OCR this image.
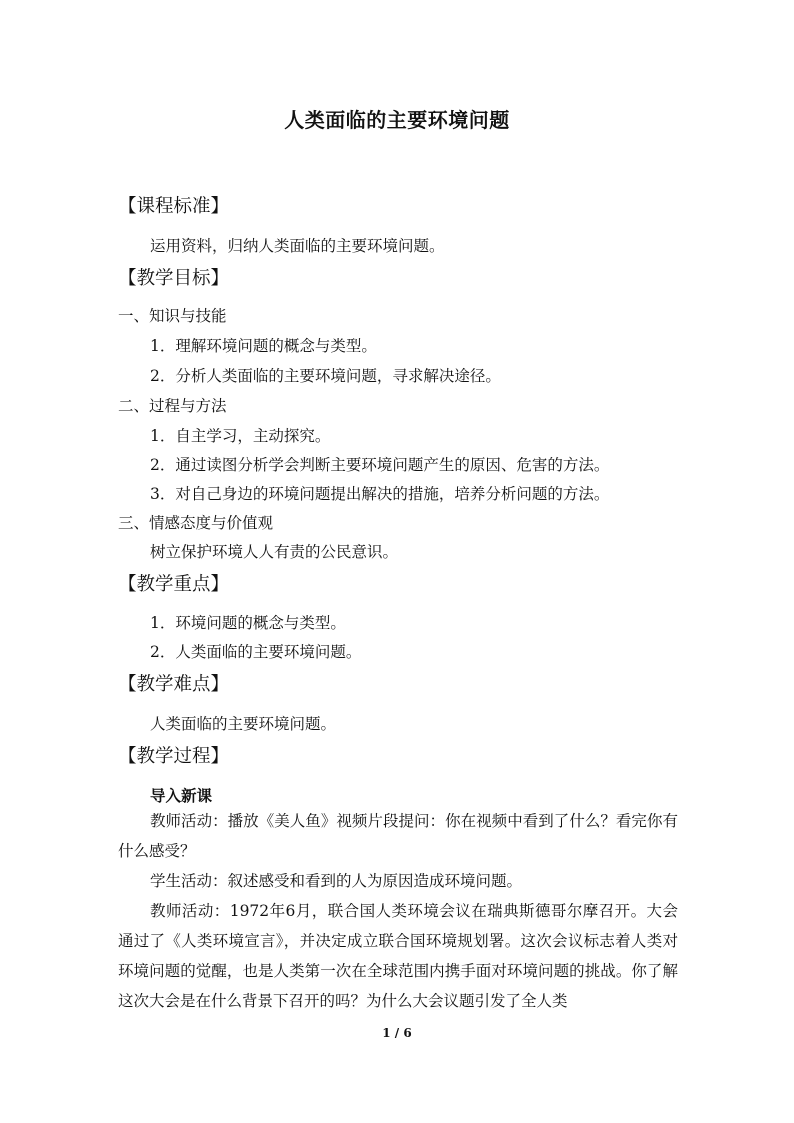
人类面临的主要环境问题
【课程标准】
运用资料，归纳人类面临的主要环境问题。
【教学目标】
一、知识与技能
1．理解环境问题的概念与类型。
2．分析人类面临的主要环境问题，寻求解决途径。
二、过程与方法
1．自主学习，主动探究。
2．通过读图分析学会判断主要环境问题产生的原因、危害的方法。
3．对自己身边的环境问题提出解决的措施，培养分析问题的方法。
三、情感态度与价值观
树立保护环境人人有责的公民意识。
【教学重点】
1．环境问题的概念与类型。
2．人类面临的主要环境问题。
【教学难点】
人类面临的主要环境问题。
【教学过程】
导入新课
教师活动：播放《美人鱼》视频片段提问：你在视频中看到了什么？看完你有什么感受？
学生活动：叙述感受和看到的人为原因造成环境问题。
教师活动：1972年6月，联合国人类环境会议在瑞典斯德哥尔摩召开。大会通过了《人类环境宣言》，并决定成立联合国环境规划署。这次会议标志着人类对环境问题的觉醒，也是人类第一次在全球范围内携手面对环境问题的挑战。你了解这次大会是在什么背景下召开的吗？为什么大会议题引发了全人类
1 / 6
